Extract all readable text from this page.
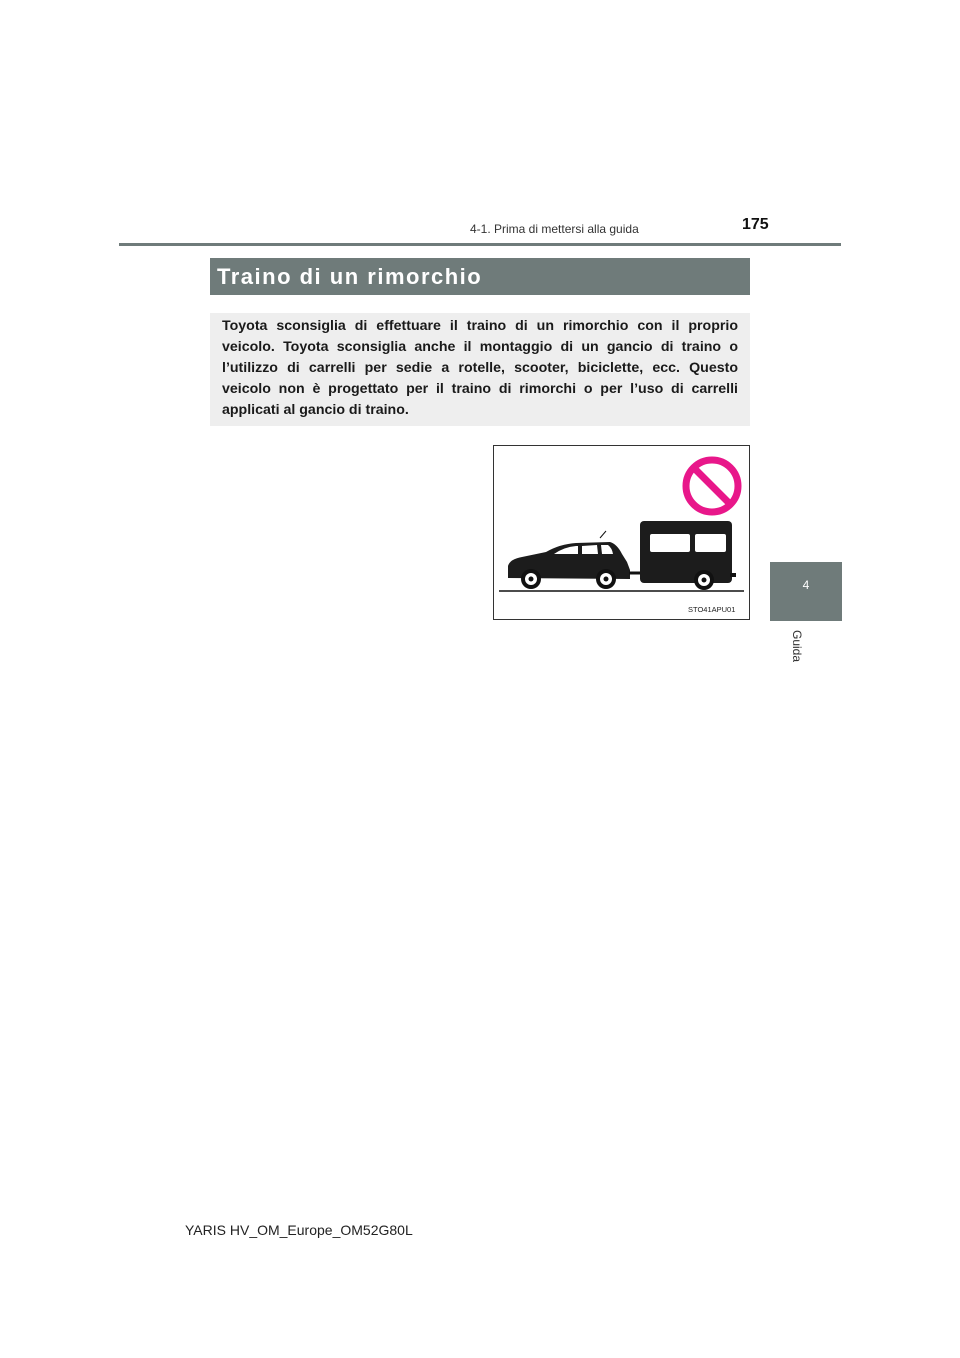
4-1. Prima di mettersi alla guida	175
Traino di un rimorchio

Toyota sconsiglia di effettuare il traino di un rimorchio con il proprio veicolo. Toyota sconsiglia anche il montaggio di un gancio di traino o l’utilizzo di carrelli per sedie a rotelle, scooter, biciclette, ecc. Questo veicolo non è progettato per il traino di rimorchi o per l’uso di carrelli applicati al gancio di traino.

STO41APU01
4
Guida
YARIS HV_OM_Europe_OM52G80L
